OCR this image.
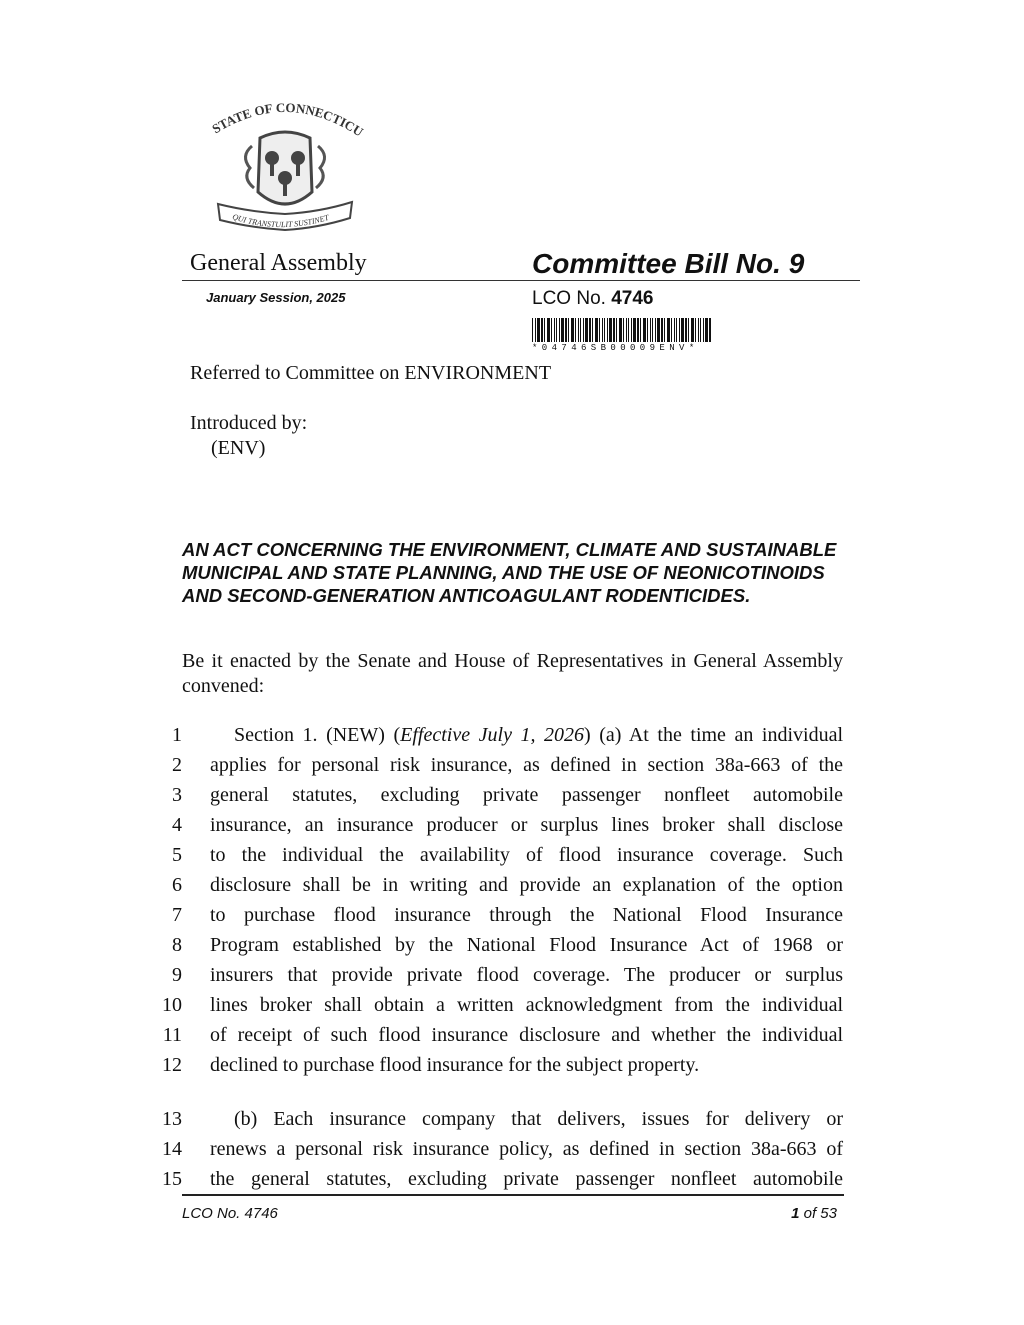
STATE OF CONNECTICU
QUI TRANSTULIT SUSTINET
General Assembly	Committee Bill No. 9
January Session, 2025	LCO No. 4746
*04746SB00009ENV*
Referred to Committee on ENVIRONMENT
Introduced by:
(ENV)
AN ACT CONCERNING THE ENVIRONMENT, CLIMATE AND SUSTAINABLE MUNICIPAL AND STATE PLANNING, AND THE USE OF NEONICOTINOIDS AND SECOND-GENERATION ANTICOAGULANT RODENTICIDES.
Be it enacted by the Senate and House of Representatives in General Assembly convened:
1	Section 1. (NEW) (Effective July 1, 2026) (a) At the time an individual
2 applies for personal risk insurance, as defined in section 38a-663 of the
3 general statutes, excluding private passenger nonfleet automobile
4 insurance, an insurance producer or surplus lines broker shall disclose
5 to the individual the availability of flood insurance coverage. Such
6 disclosure shall be in writing and provide an explanation of the option
7 to purchase flood insurance through the National Flood Insurance
8 Program established by the National Flood Insurance Act of 1968 or
9 insurers that provide private flood coverage. The producer or surplus
10 lines broker shall obtain a written acknowledgment from the individual
11 of receipt of such flood insurance disclosure and whether the individual
12 declined to purchase flood insurance for the subject property.
13	(b) Each insurance company that delivers, issues for delivery or
14 renews a personal risk insurance policy, as defined in section 38a-663 of
15 the general statutes, excluding private passenger nonfleet automobile
LCO No. 4746	1 of 53
